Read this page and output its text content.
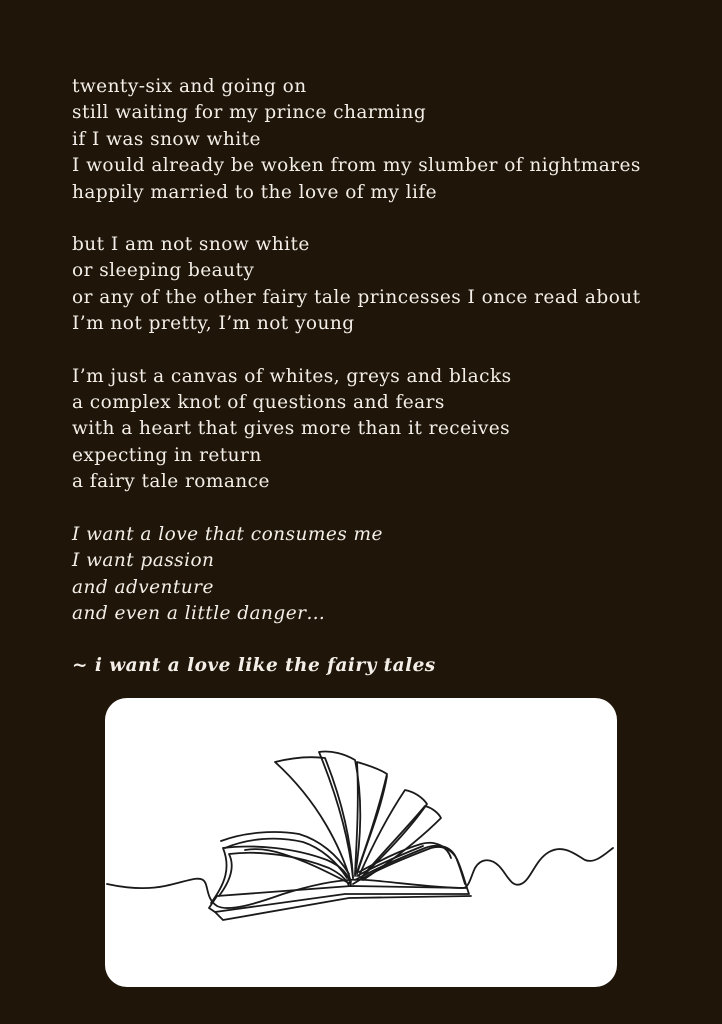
twenty-six and going on
still waiting for my prince charming
if I was snow white
I would already be woken from my slumber of nightmares
happily married to the love of my life
but I am not snow white
or sleeping beauty
or any of the other fairy tale princesses I once read about
I’m not pretty, I’m not young
I’m just a canvas of whites, greys and blacks
a complex knot of questions and fears
with a heart that gives more than it receives
expecting in return
a fairy tale romance
I want a love that consumes me
I want passion
and adventure
and even a little danger…
~ i want a love like the fairy tales
